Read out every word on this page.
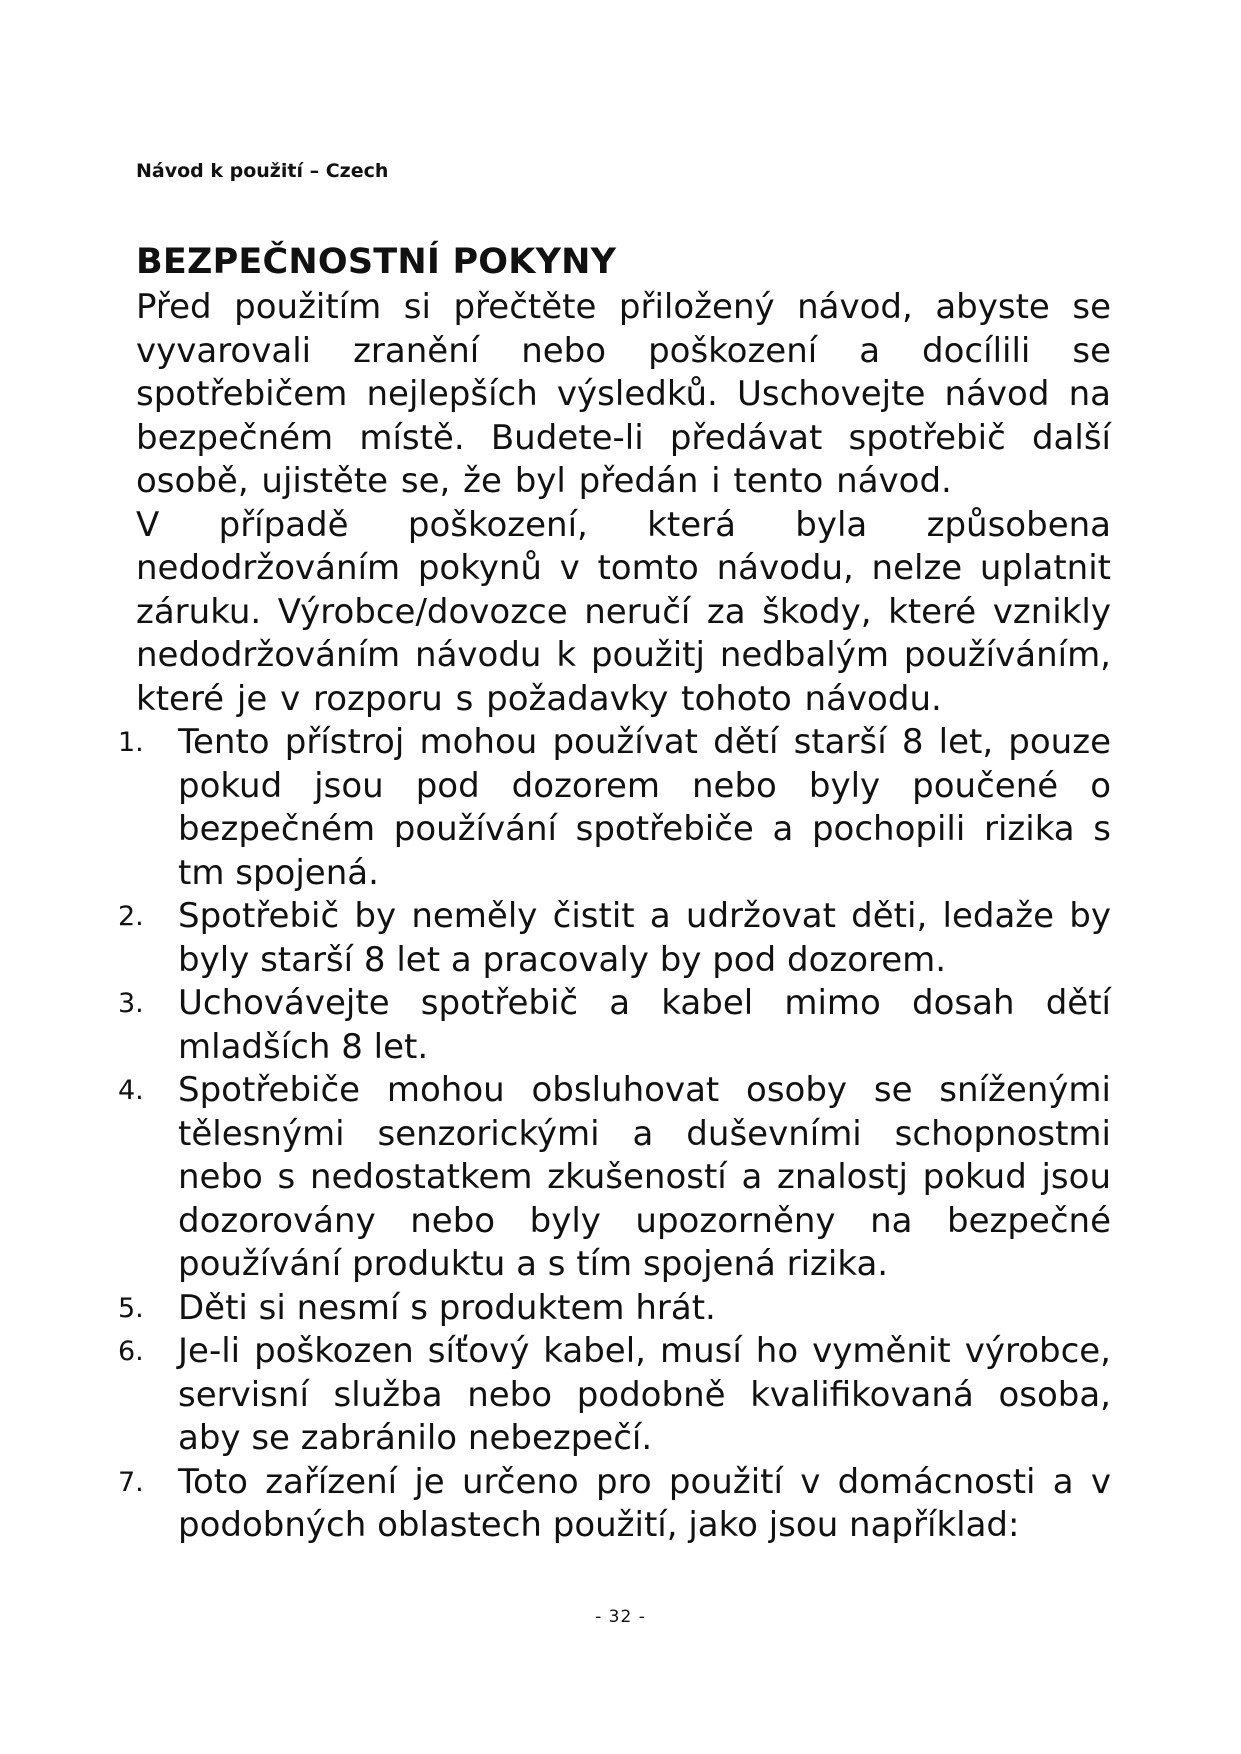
Návod k použití – Czech
BEZPEČNOSTNÍ POKYNY

Před použitím si přečtěte přiložený návod, abyste se vyvarovali zranění nebo poškození a docílili se spotřebičem nejlepších výsledků. Uschovejte návod na bezpečném místě. Budete-li předávat spotřebič další osobě, ujistěte se, že byl předán i tento návod.

V případě poškození, která byla způsobena nedodržováním pokynů v tomto návodu, nelze uplatnit záruku. Výrobce/dovozce neručí za škody, které vznikly nedodržováním návodu k použitj nedbalým používáním, které je v rozporu s požadavky tohoto návodu.

1.	Tento přístroj mohou používat dětí starší 8 let, pouze pokud jsou pod dozorem nebo byly poučené o bezpečném používání spotřebiče a pochopili rizika s tm spojená.
2.	Spotřebič by neměly čistit a udržovat děti, ledaže by byly starší 8 let a pracovaly by pod dozorem.
3.	Uchovávejte spotřebič a kabel mimo dosah dětí mladších 8 let.
4.	Spotřebiče mohou obsluhovat osoby se sníženými tělesnými senzorickými a duševními schopnostmi nebo s nedostatkem zkušeností a znalostj pokud jsou dozorovány nebo byly upozorněny na bezpečné používání produktu a s tím spojená rizika.
5.	Děti si nesmí s produktem hrát.
6.	Je-li poškozen síťový kabel, musí ho vyměnit výrobce, servisní služba nebo podobně kvalifikovaná osoba, aby se zabránilo nebezpečí.
7.	Toto zařízení je určeno pro použití v domácnosti a v podobných oblastech použití, jako jsou například:
- 32 -
